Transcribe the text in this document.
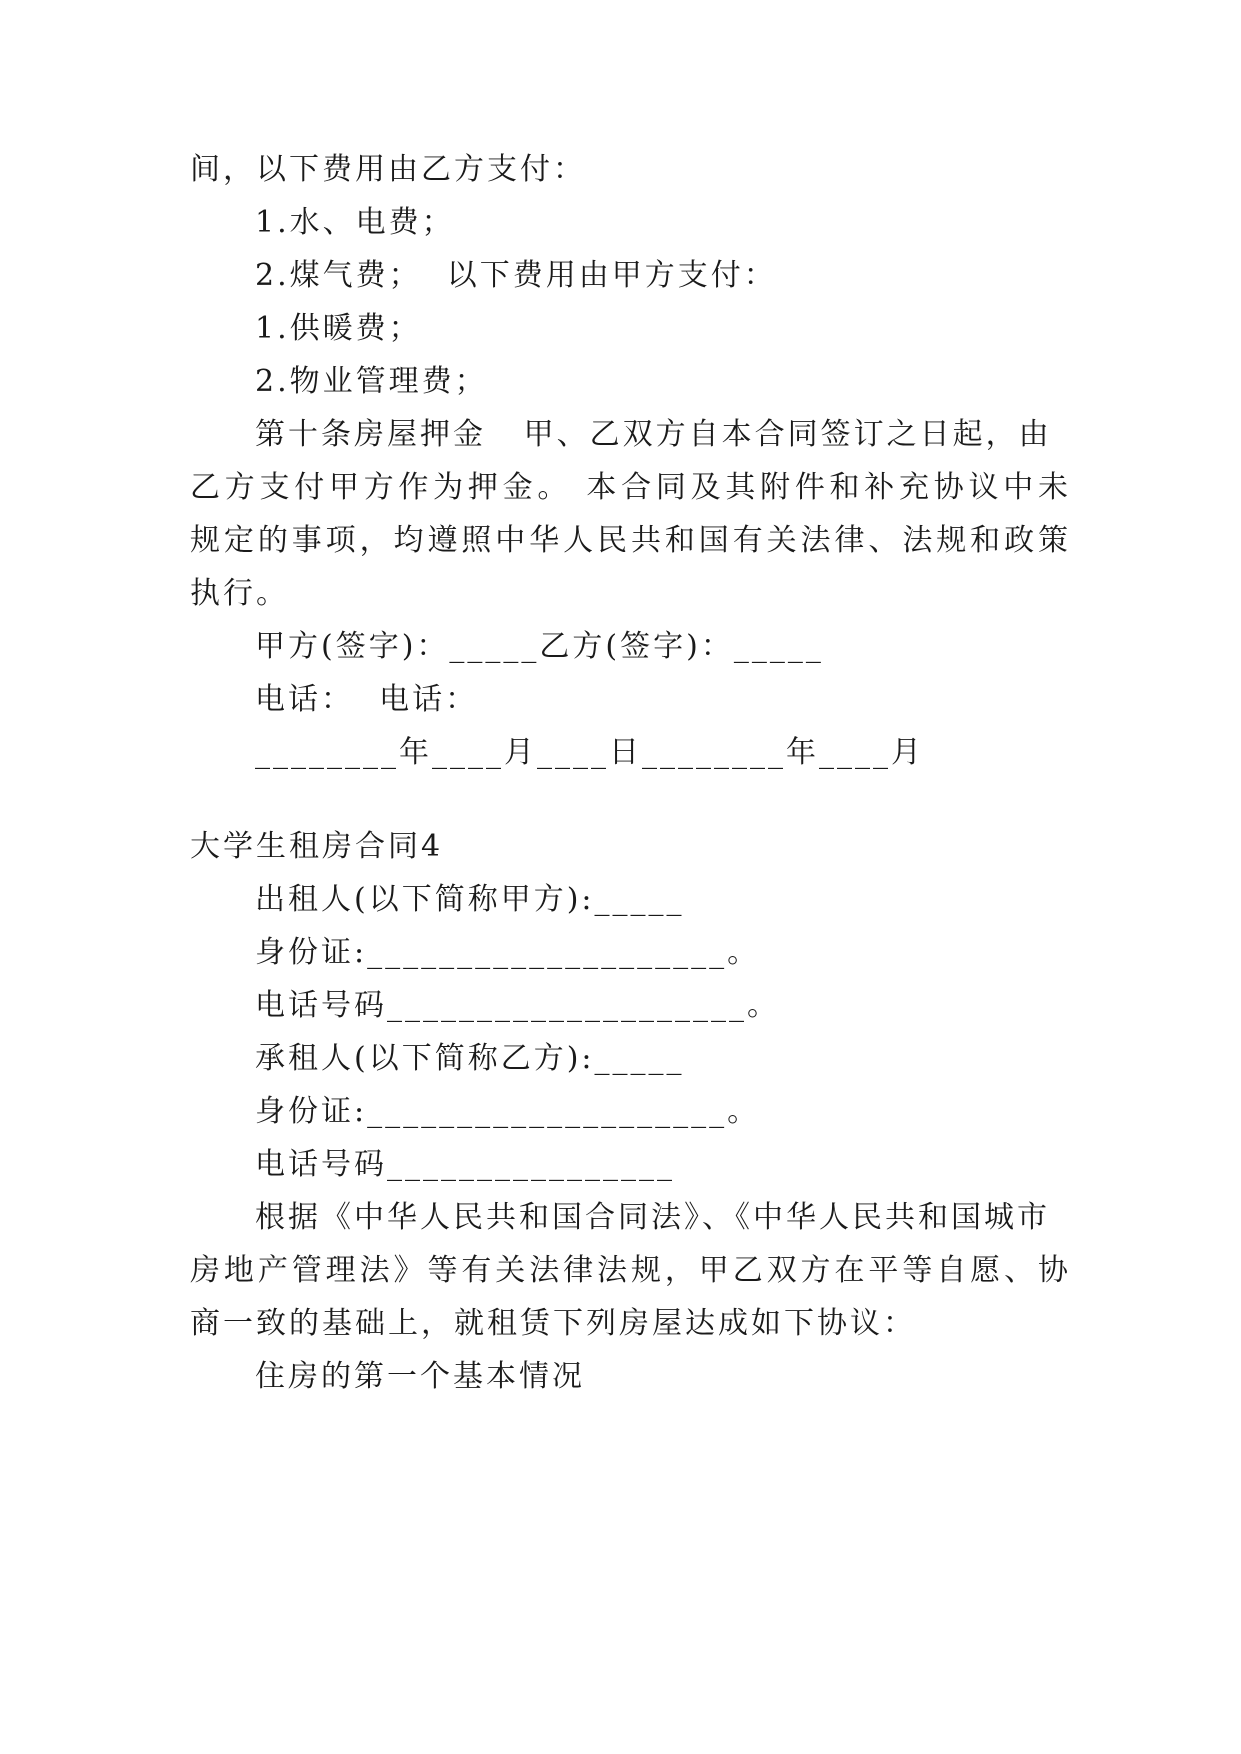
间，以下费用由乙方支付：
1.水、电费；
2.煤气费；  以下费用由甲方支付：
1.供暖费；
2.物业管理费；
第十条房屋押金   甲、乙双方自本合同签订之日起，由
乙方支付甲方作为押金。 本合同及其附件和补充协议中未
规定的事项，均遵照中华人民共和国有关法律、法规和政策
执行。
甲方(签字)：_____乙方(签字)：_____
电话：  电话：
________年____月____日________年____月
大学生租房合同4
出租人(以下简称甲方):_____
身份证:____________________。
电话号码____________________。
承租人(以下简称乙方):_____
身份证:____________________。
电话号码________________
根据《中华人民共和国合同法》、《中华人民共和国城市
房地产管理法》等有关法律法规，甲乙双方在平等自愿、协
商一致的基础上，就租赁下列房屋达成如下协议：
住房的第一个基本情况
